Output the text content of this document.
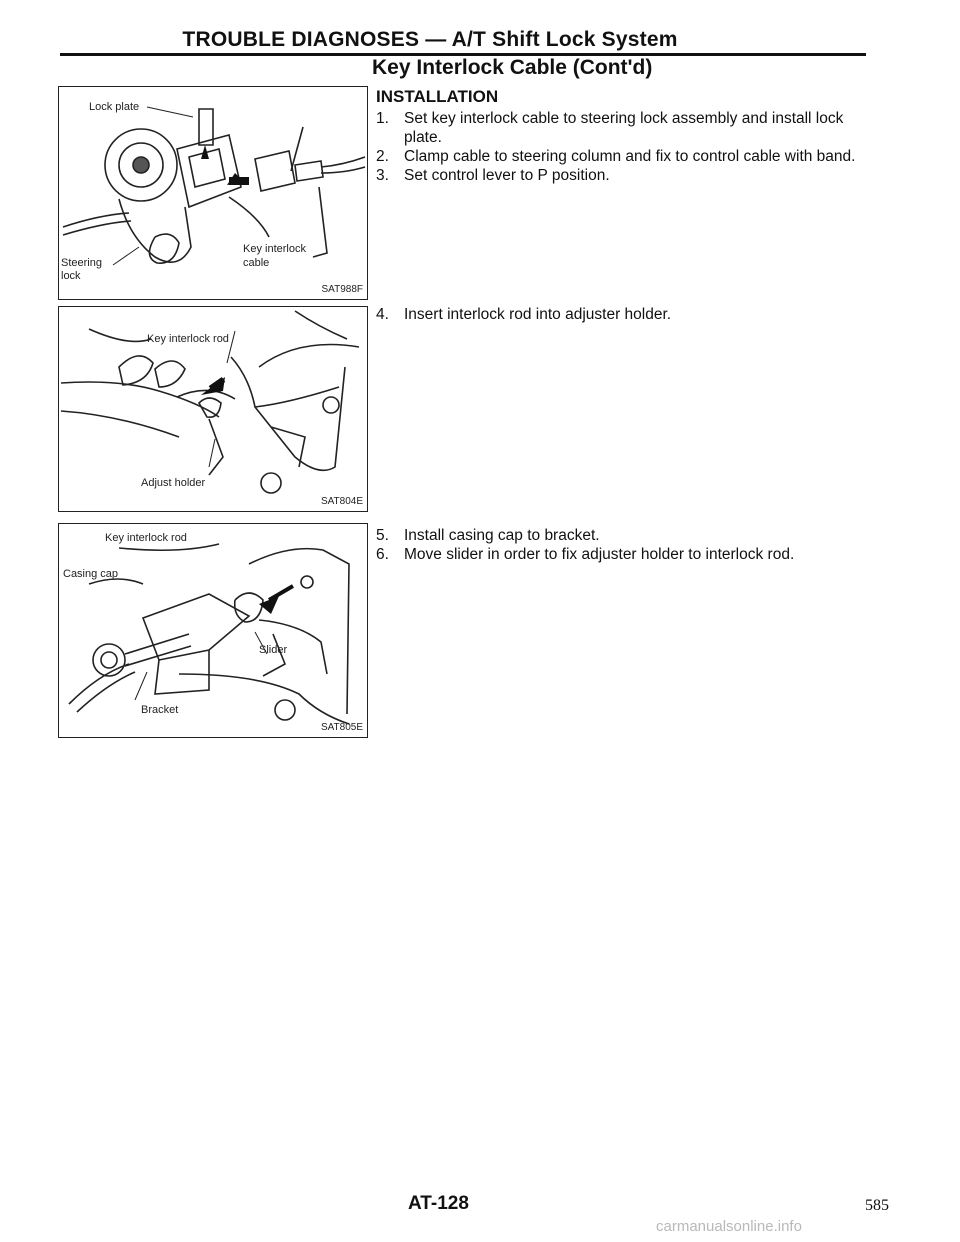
TROUBLE DIAGNOSES — A/T Shift Lock System
Key Interlock Cable (Cont'd)
INSTALLATION
1. Set key interlock cable to steering lock assembly and install lock plate.
2. Clamp cable to steering column and fix to control cable with band.
3. Set control lever to P position.
4. Insert interlock rod into adjuster holder.
5. Install casing cap to bracket.
6. Move slider in order to fix adjuster holder to interlock rod.
Lock plate
Steering
lock
Key interlock
cable
SAT988F
Key interlock rod
Adjust holder
SAT804E
Key interlock rod
Casing cap
Slider
Bracket
SAT805E
AT-128	585
carmanualsonline.info
